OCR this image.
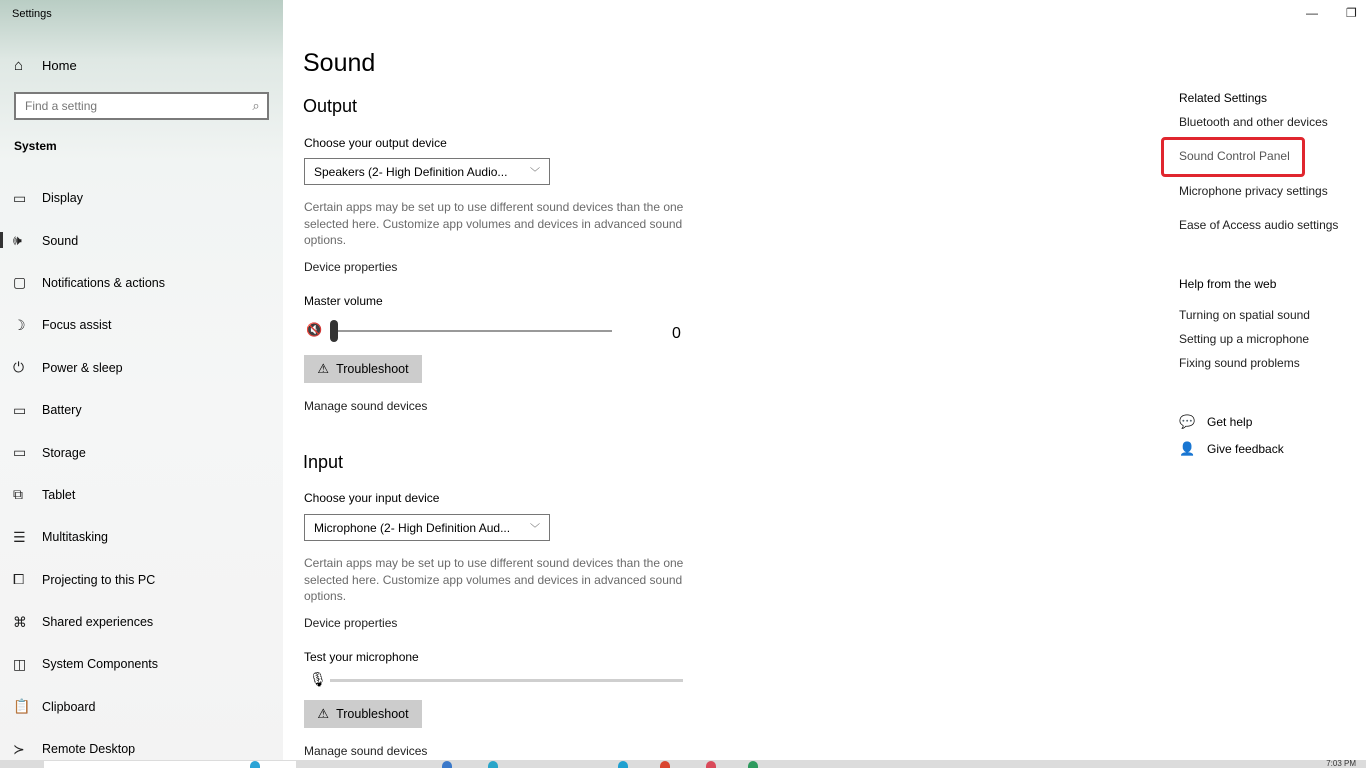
Settings
⌂	Home
Find a setting
⌕
System
▭	Display
🕪	Sound
▢	Notifications & actions
☽	Focus assist
⏻	Power & sleep
▭	Battery
▭	Storage
⧉	Tablet
☰	Multitasking
⧠	Projecting to this PC
⌘	Shared experiences
◫	System Components
📋 Clipboard
≻	Remote Desktop
— ❐
Sound
Output
Choose your output device
Speakers (2- High Definition Audio...	﹀
Certain apps may be set up to use different sound devices than the one selected here. Customize app volumes and devices in advanced sound options.
Device properties
Master volume
🔇	0
⚠ Troubleshoot
Manage sound devices
Input
Choose your input device
Microphone (2- High Definition Aud...	﹀
Certain apps may be set up to use different sound devices than the one selected here. Customize app volumes and devices in advanced sound options.
Device properties
Test your microphone
🎙
⚠ Troubleshoot
Manage sound devices
Related Settings
Bluetooth and other devices
Sound Control Panel
Microphone privacy settings
Ease of Access audio settings
Help from the web
Turning on spatial sound
Setting up a microphone
Fixing sound problems
💬 Get help
👤 Give feedback
7:03 PM
